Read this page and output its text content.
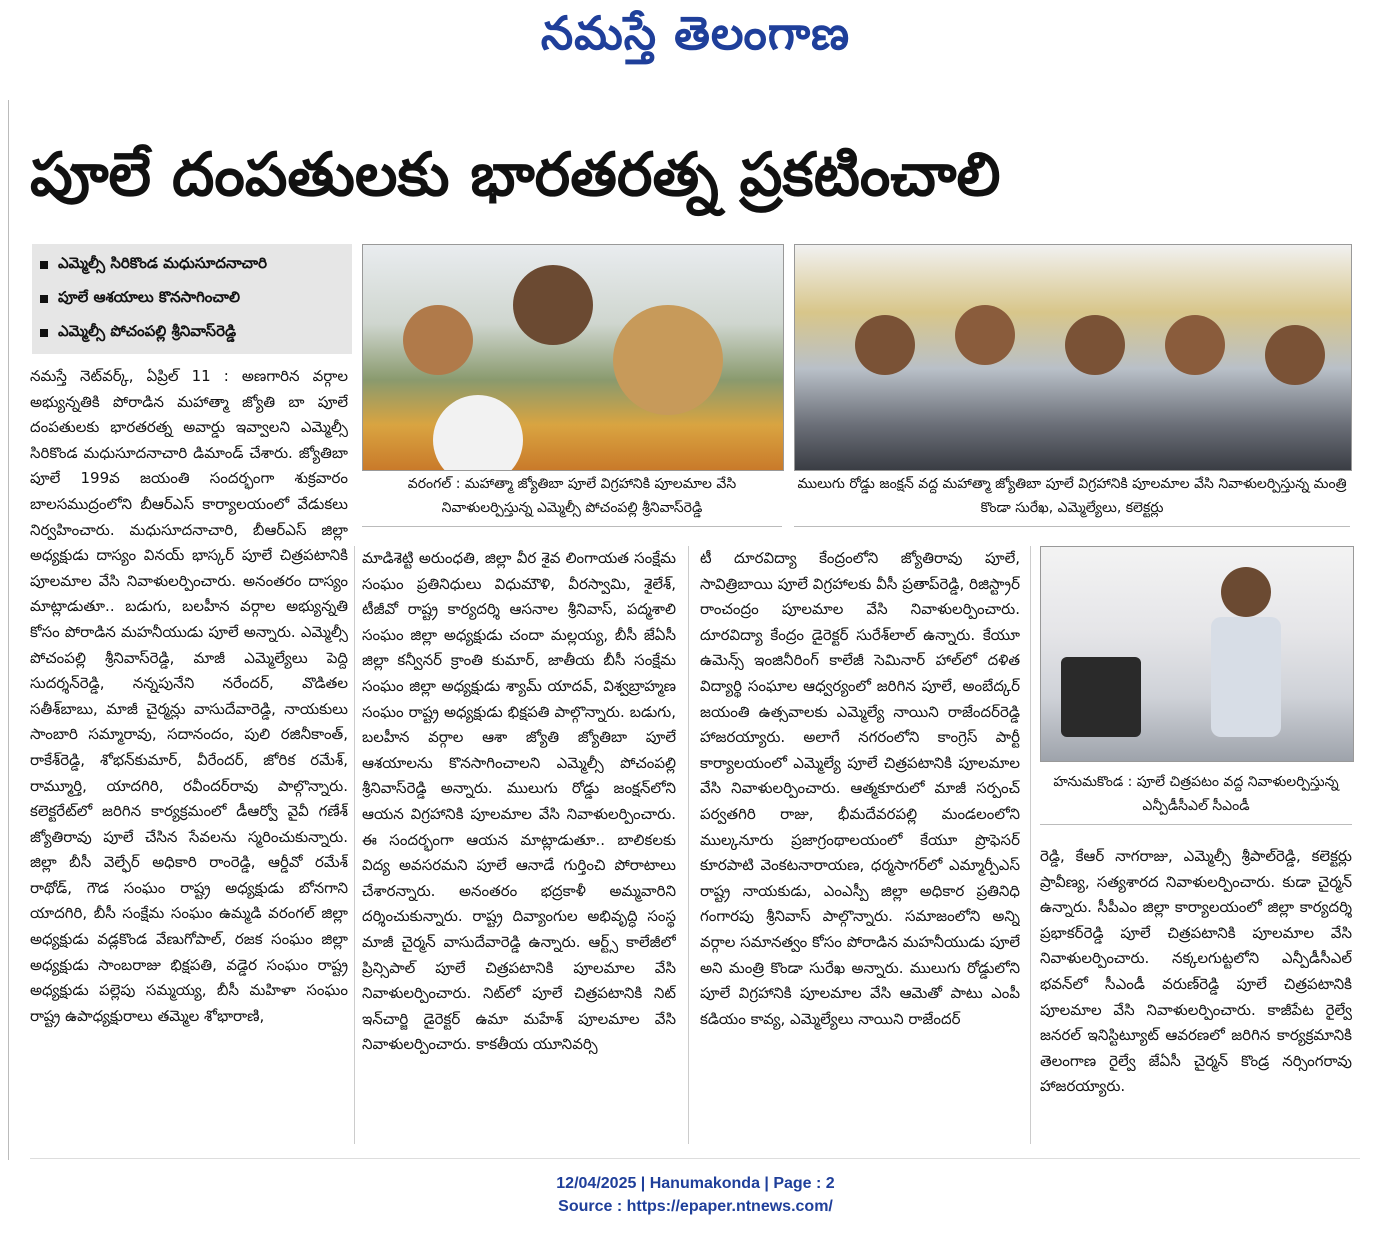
నమస్తే తెలంగాణ
పూలే దంపతులకు భారతరత్న ప్రకటించాలి
ఎమ్మెల్సీ సిరికొండ మధుసూదనాచారి
పూలే ఆశయాలు కొనసాగించాలి
ఎమ్మెల్సీ పోచంపల్లి శ్రీనివాస్‌రెడ్డి
వరంగల్‌ : మహాత్మా జ్యోతిబా పూలే విగ్రహానికి పూలమాల వేసి నివాళులర్పిస్తున్న ఎమ్మెల్సీ పోచంపల్లి శ్రీనివాస్‌రెడ్డి
ములుగు రోడ్డు జంక్షన్‌ వద్ద మహాత్మా జ్యోతిబా పూలే విగ్రహానికి పూలమాల వేసి నివాళులర్పిస్తున్న మంత్రి కొండా సురేఖ, ఎమ్మెల్యేలు, కలెక్టర్లు
హనుమకొండ : పూలే చిత్రపటం వద్ద నివాళులర్పిస్తున్న ఎన్పీడీసీఎల్‌ సీఎండీ
నమస్తే నెట్‌వర్క్‌, ఏప్రిల్‌ 11 : అణగారిన వర్గాల అభ్యున్నతికి పోరాడిన మహాత్మా జ్యోతి బా పూలే దంపతులకు భారతరత్న అవార్డు ఇవ్వాలని ఎమ్మెల్సీ సిరికొండ మధుసూదనాచారి డిమాండ్‌ చేశారు. జ్యోతిబా పూలే 199వ జయంతి సందర్భంగా శుక్రవారం బాలసముద్రంలోని బీఆర్‌ఎస్‌ కార్యాలయంలో వేడుకలు నిర్వహించారు. మధుసూదనాచారి, బీఆర్‌ఎస్‌ జిల్లా అధ్యక్షుడు దాస్యం వినయ్‌ భాస్కర్‌ పూలే చిత్రపటానికి పూలమాల వేసి నివాళులర్పించారు. అనంతరం దాస్యం మాట్లాడుతూ.. బడుగు, బలహీన వర్గాల అభ్యున్నతి కోసం పోరాడిన మహనీయుడు పూలే అన్నారు. ఎమ్మెల్సీ పోచంపల్లి శ్రీనివాస్‌రెడ్డి, మాజీ ఎమ్మెల్యేలు పెద్ది సుదర్శన్‌రెడ్డి, నన్నపునేని నరేందర్‌, వొడితల సతీశ్‌బాబు, మాజీ చైర్మన్లు వాసుదేవారెడ్డి, నాయకులు సాంబారి సమ్మారావు, సదానందం, పులి రజినీకాంత్‌, రాకేశ్‌రెడ్డి, శోభన్‌కుమార్‌, వీరేందర్‌, జోరిక రమేశ్‌, రామ్మూర్తి, యాదగిరి, రవీందర్‌రావు పాల్గొన్నారు. కలెక్టరేట్‌లో జరిగిన కార్యక్రమంలో డీఆర్వో వైవీ గణేశ్‌ జ్యోతిరావు పూలే చేసిన సేవలను స్మరించుకున్నారు. జిల్లా బీసీ వెల్ఫేర్‌ అధికారి రాంరెడ్డి, ఆర్డీవో రమేశ్‌ రాథోడ్‌, గౌడ సంఘం రాష్ట్ర అధ్యక్షుడు బోనగాని యాదగిరి, బీసీ సంక్షేమ సంఘం ఉమ్మడి వరంగల్‌ జిల్లా అధ్యక్షుడు వడ్లకొండ వేణుగోపాల్‌, రజక సంఘం జిల్లా అధ్యక్షుడు సాంబరాజు భిక్షపతి, వడ్డెర సంఘం రాష్ట్ర అధ్యక్షుడు పల్లెపు సమ్మయ్య, బీసీ మహిళా సంఘం రాష్ట్ర ఉపాధ్యక్షురాలు తమ్మెల శోభారాణి,
మాడిశెట్టి అరుంధతి, జిల్లా వీర శైవ లింగాయత సంక్షేమ సంఘం ప్రతినిధులు విధుమౌళి, వీరస్వామి, శైలేశ్‌, టీజీవో రాష్ట్ర కార్యదర్శి ఆసనాల శ్రీనివాస్‌, పద్మశాలి సంఘం జిల్లా అధ్యక్షుడు చందా మల్లయ్య, బీసీ జేఏసీ జిల్లా కన్వీనర్‌ క్రాంతి కుమార్‌, జాతీయ బీసీ సంక్షేమ సంఘం జిల్లా అధ్యక్షుడు శ్యామ్‌ యాదవ్‌, విశ్వబ్రాహ్మణ సంఘం రాష్ట్ర అధ్యక్షుడు భిక్షపతి పాల్గొన్నారు. బడుగు, బలహీన వర్గాల ఆశా జ్యోతి జ్యోతిబా పూలే ఆశయాలను కొనసాగించాలని ఎమ్మెల్సీ పోచంపల్లి శ్రీనివాస్‌రెడ్డి అన్నారు. ములుగు రోడ్డు జంక్షన్‌లోని ఆయన విగ్రహానికి పూలమాల వేసి నివాళులర్పించారు. ఈ సందర్భంగా ఆయన మాట్లాడుతూ.. బాలికలకు విద్య అవసరమని పూలే ఆనాడే గుర్తించి పోరాటాలు చేశారన్నారు. అనంతరం భద్రకాళీ అమ్మవారిని దర్శించుకున్నారు. రాష్ట్ర దివ్యాంగుల అభివృద్ధి సంస్థ మాజీ చైర్మన్‌ వాసుదేవారెడ్డి ఉన్నారు. ఆర్ట్స్‌ కాలేజీలో ప్రిన్సిపాల్‌ పూలే చిత్రపటానికి పూలమాల వేసి నివాళులర్పించారు. నిట్‌లో పూలే చిత్రపటానికి నిట్‌ ఇన్‌చార్జి డైరెక్టర్‌ ఉమా మహేశ్‌ పూలమాల వేసి నివాళులర్పించారు. కాకతీయ యూనివర్సి
టీ దూరవిద్యా కేంద్రంలోని జ్యోతిరావు పూలే, సావిత్రిబాయి పూలే విగ్రహాలకు వీసీ ప్రతాప్‌రెడ్డి, రిజిస్ట్రార్‌ రాంచంద్రం పూలమాల వేసి నివాళులర్పించారు. దూరవిద్యా కేంద్రం డైరెక్టర్‌ సురేశ్‌లాల్‌ ఉన్నారు. కేయూ ఉమెన్స్‌ ఇంజినీరింగ్‌ కాలేజీ సెమినార్‌ హాల్‌లో దళిత విద్యార్థి సంఘాల ఆధ్వర్యంలో జరిగిన పూలే, అంబేద్కర్‌ జయంతి ఉత్సవాలకు ఎమ్మెల్యే నాయిని రాజేందర్‌రెడ్డి హాజరయ్యారు. అలాగే నగరంలోని కాంగ్రెస్‌ పార్టీ కార్యాలయంలో ఎమ్మెల్యే పూలే చిత్రపటానికి పూలమాల వేసి నివాళులర్పించారు. ఆత్మకూరులో మాజీ సర్పంచ్‌ పర్వతగిరి రాజు, భీమదేవరపల్లి మండలంలోని ముల్కనూరు ప్రజాగ్రంథాలయంలో కేయూ ప్రొఫెసర్‌ కూరపాటి వెంకటనారాయణ, ధర్మసాగర్‌లో ఎమ్మార్పీఎస్‌ రాష్ట్ర నాయకుడు, ఎంఎస్పీ జిల్లా అధికార ప్రతినిధి గంగారపు శ్రీనివాస్‌ పాల్గొన్నారు. సమాజంలోని అన్ని వర్గాల సమానత్వం కోసం పోరాడిన మహనీయుడు పూలే అని మంత్రి కొండా సురేఖ అన్నారు. ములుగు రోడ్డులోని పూలే విగ్రహానికి పూలమాల వేసి ఆమెతో పాటు ఎంపీ కడియం కావ్య, ఎమ్మెల్యేలు నాయిని రాజేందర్‌
రెడ్డి, కేఆర్‌ నాగరాజు, ఎమ్మెల్సీ శ్రీపాల్‌రెడ్డి, కలెక్టర్లు ప్రావీణ్య, సత్యశారద నివాళులర్పించారు. కుడా చైర్మన్‌ ఉన్నారు. సీపీఎం జిల్లా కార్యాలయంలో జిల్లా కార్యదర్శి ప్రభాకర్‌రెడ్డి పూలే చిత్రపటానికి పూలమాల వేసి నివాళులర్పించారు. నక్కలగుట్టలోని ఎన్పీడీసీఎల్‌ భవన్‌లో సీఎండీ వరుణ్‌రెడ్డి పూలే చిత్రపటానికి పూలమాల వేసి నివాళులర్పించారు. కాజీపేట రైల్వే జనరల్‌ ఇనిస్టిట్యూట్‌ ఆవరణలో జరిగిన కార్యక్రమానికి తెలంగాణ రైల్వే జేఏసీ చైర్మన్‌ కొండ్ర నర్సింగరావు హాజరయ్యారు.
12/04/2025 | Hanumakonda | Page : 2
Source : https://epaper.ntnews.com/
